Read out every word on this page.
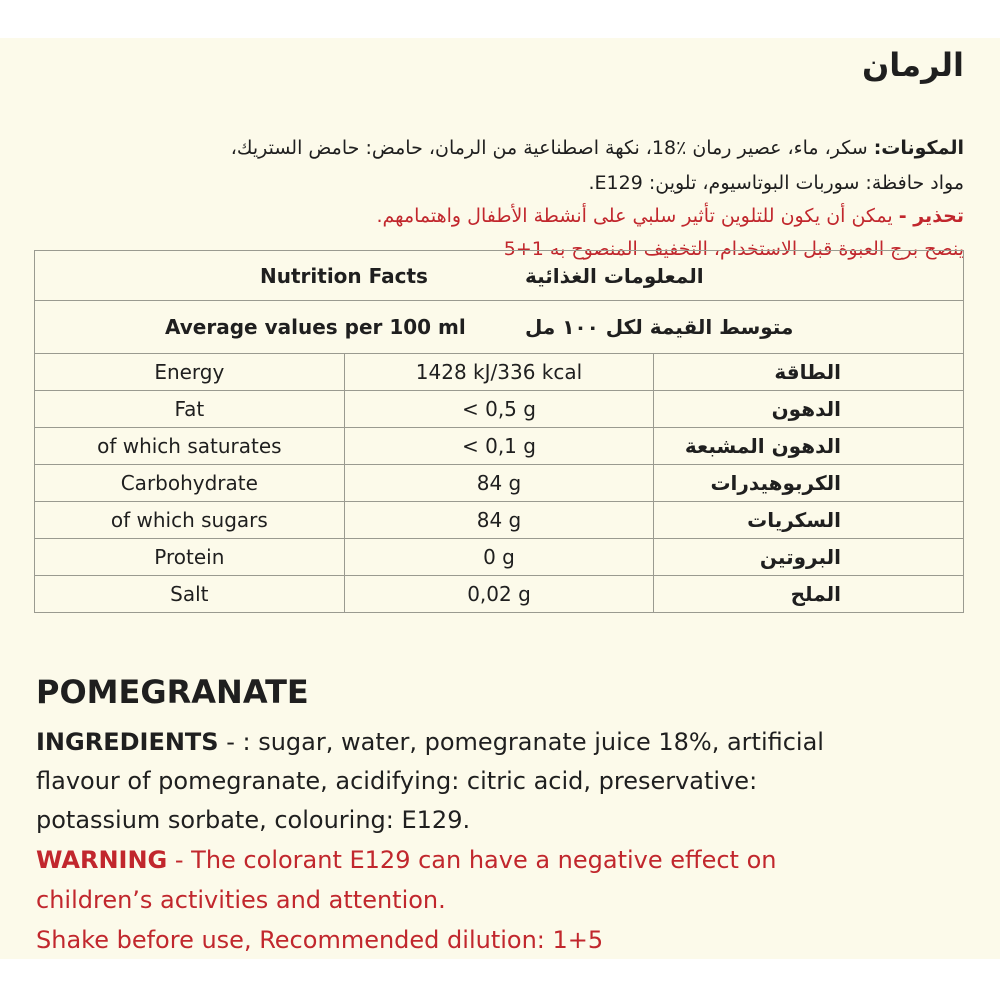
الرمان
المكونات: سكر، ماء، عصير رمان ٪18، نكهة اصطناعية من الرمان، حامض: حامض الستريك،
مواد حافظة: سوربات البوتاسيوم، تلوين: E129.
تحذير - يمكن أن يكون للتلوين تأثير سلبي على أنشطة الأطفال واهتمامهم.
ينصح برج العبوة قبل الاستخدام، التخفيف المنصوح به 1+5
Nutrition Facts المعلومات الغذائية		

Average values per 100 ml متوسط القيمة لكل ١٠٠ مل		

Energy	1428 kJ/336 kcal	الطاقة
Fat	< 0,5 g	الدهون
of which saturates	< 0,1 g	الدهون المشبعة
Carbohydrate	84 g	الكربوهيدرات
of which sugars	84 g	السكريات
Protein	0 g	البروتين
Salt	0,02 g	الملح
POMEGRANATE
INGREDIENTS - : sugar, water, pomegranate juice 18%, artificial
flavour of pomegranate, acidifying: citric acid, preservative:
potassium sorbate, colouring: E129.
WARNING - The colorant E129 can have a negative effect on
children’s activities and attention.
Shake before use, Recommended dilution: 1+5
